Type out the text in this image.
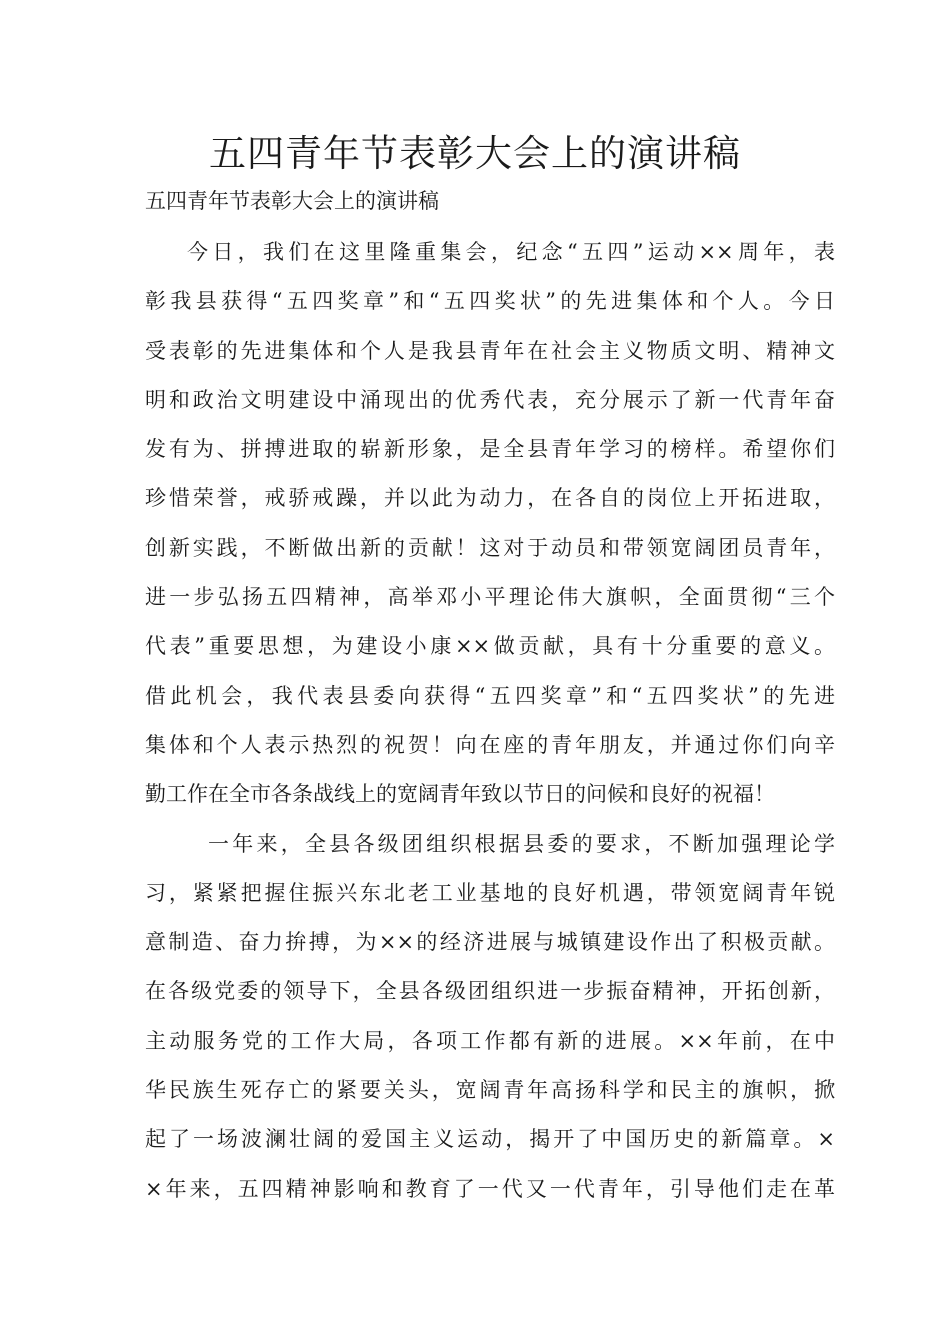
五四青年节表彰大会上的演讲稿

五四青年节表彰大会上的演讲稿

今日，我们在这里隆重集会，纪念“五四”运动××周年，表
彰我县获得“五四奖章”和“五四奖状”的先进集体和个人。今日
受表彰的先进集体和个人是我县青年在社会主义物质文明、精神文
明和政治文明建设中涌现出的优秀代表，充分展示了新一代青年奋
发有为、拼搏进取的崭新形象，是全县青年学习的榜样。希望你们
珍惜荣誉，戒骄戒躁，并以此为动力，在各自的岗位上开拓进取，
创新实践，不断做出新的贡献！这对于动员和带领宽阔团员青年，
进一步弘扬五四精神，高举邓小平理论伟大旗帜，全面贯彻“三个
代表”重要思想，为建设小康××做贡献，具有十分重要的意义。
借此机会，我代表县委向获得“五四奖章”和“五四奖状”的先进
集体和个人表示热烈的祝贺！向在座的青年朋友，并通过你们向辛
勤工作在全市各条战线上的宽阔青年致以节日的问候和良好的祝福！
一年来，全县各级团组织根据县委的要求，不断加强理论学
习，紧紧把握住振兴东北老工业基地的良好机遇，带领宽阔青年锐
意制造、奋力拚搏，为××的经济进展与城镇建设作出了积极贡献。
在各级党委的领导下，全县各级团组织进一步振奋精神，开拓创新，
主动服务党的工作大局，各项工作都有新的进展。××年前，在中
华民族生死存亡的紧要关头，宽阔青年高扬科学和民主的旗帜，掀
起了一场波澜壮阔的爱国主义运动，揭开了中国历史的新篇章。×
×年来，五四精神影响和教育了一代又一代青年，引导他们走在革
